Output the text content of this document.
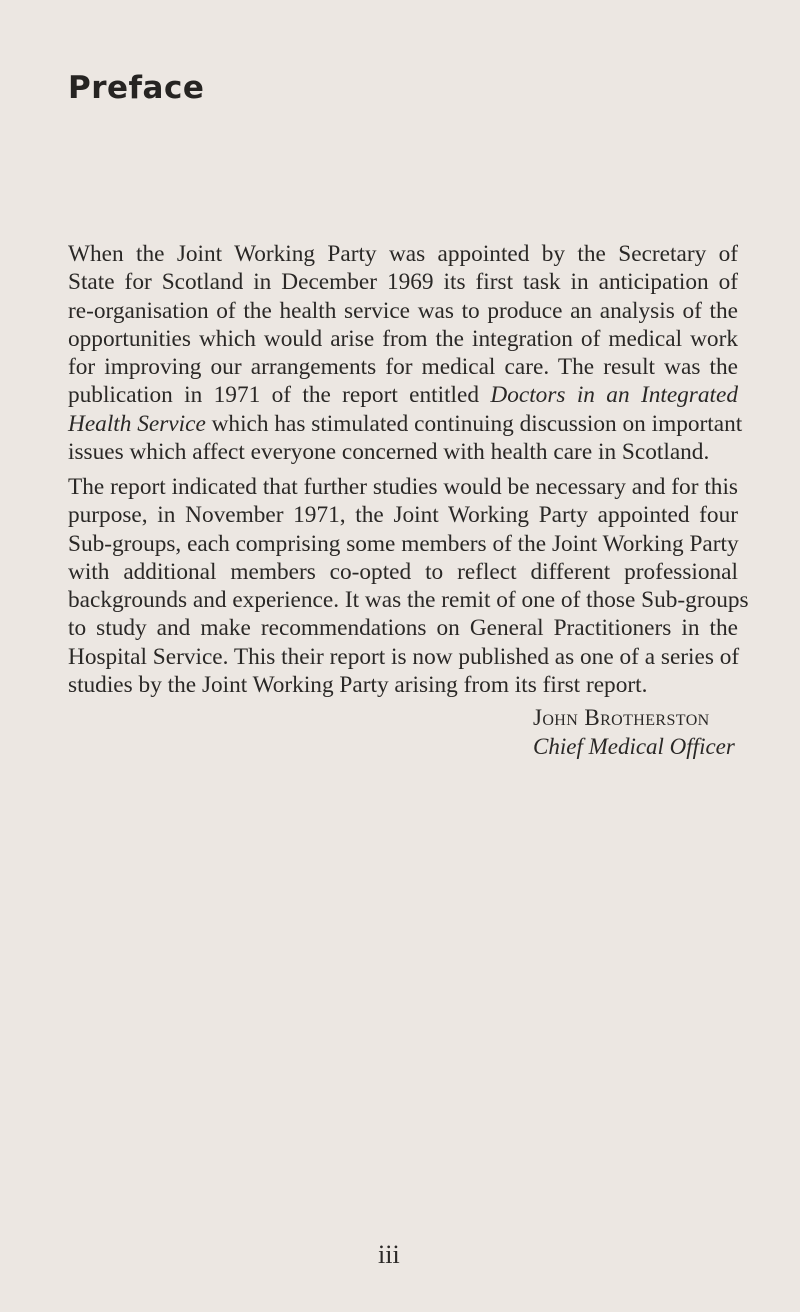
Preface
When the Joint Working Party was appointed by the Secretary of
State for Scotland in December 1969 its first task in anticipation of
re-organisation of the health service was to produce an analysis of the
opportunities which would arise from the integration of medical work
for improving our arrangements for medical care. The result was the
publication in 1971 of the report entitled Doctors in an Integrated
Health Service which has stimulated continuing discussion on important
issues which affect everyone concerned with health care in Scotland.
The report indicated that further studies would be necessary and for this
purpose, in November 1971, the Joint Working Party appointed four
Sub-groups, each comprising some members of the Joint Working Party
with additional members co-opted to reflect different professional
backgrounds and experience. It was the remit of one of those Sub-groups
to study and make recommendations on General Practitioners in the
Hospital Service. This their report is now published as one of a series of
studies by the Joint Working Party arising from its first report.
John Brotherston
Chief Medical Officer
iii
